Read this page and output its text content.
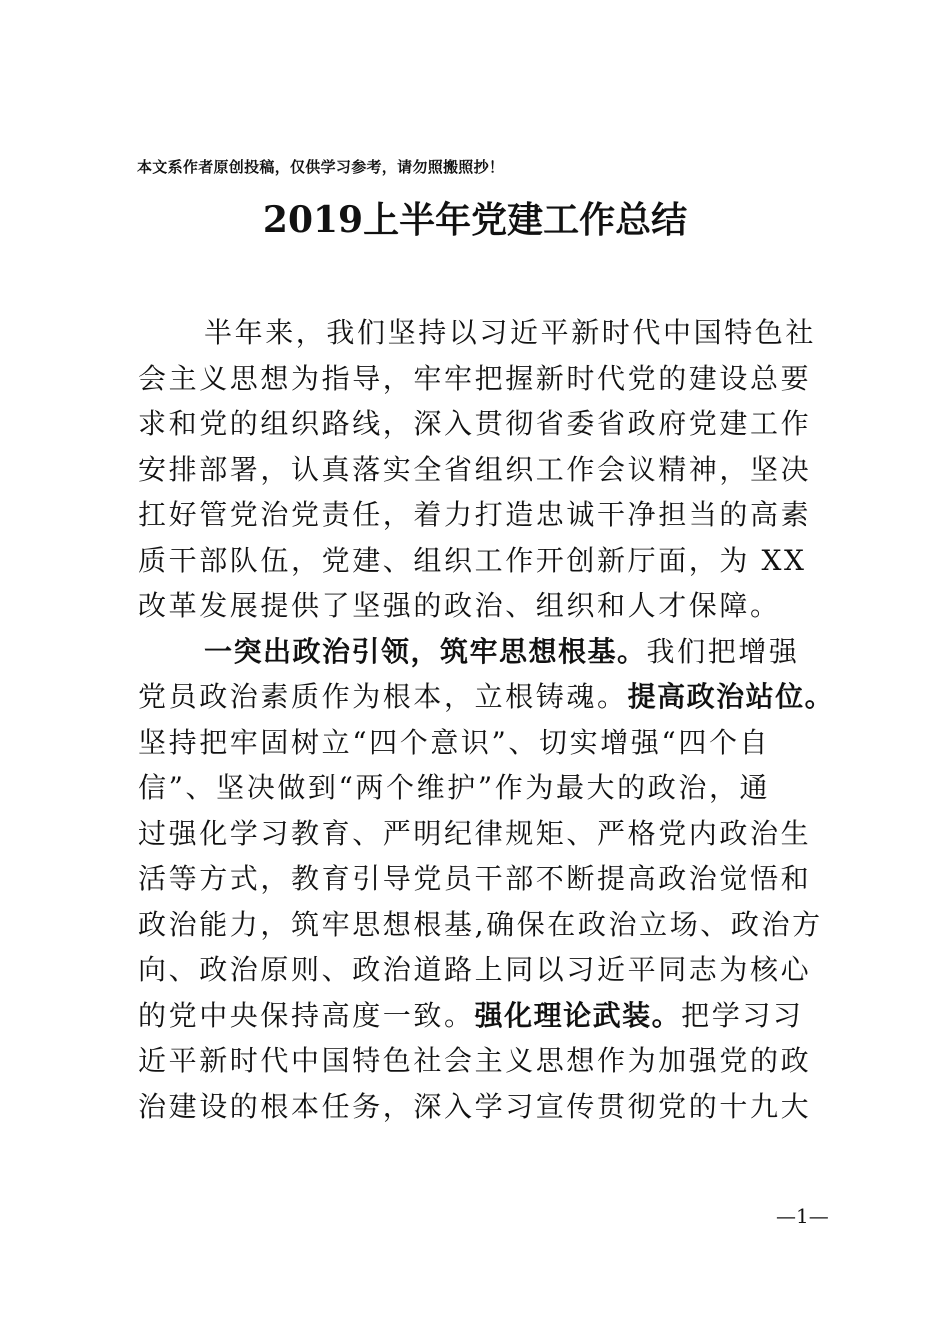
本文系作者原创投稿，仅供学习参考，请勿照搬照抄！
2019上半年党建工作总结
半年来，我们坚持以习近平新时代中国特色社
会主义思想为指导，牢牢把握新时代党的建设总要
求和党的组织路线，深入贯彻省委省政府党建工作
安排部署，认真落实全省组织工作会议精神，坚决
扛好管党治党责任，着力打造忠诚干净担当的高素
质干部队伍，党建、组织工作开创新厅面，为 XX
改革发展提供了坚强的政治、组织和人才保障。
一突出政治引领，筑牢思想根基。我们把增强
党员政治素质作为根本，立根铸魂。提高政治站位。
坚持把牢固树立“四个意识”、切实增强“四个自
信”、坚决做到“两个维护”作为最大的政治，通
过强化学习教育、严明纪律规矩、严格党内政治生
活等方式，教育引导党员干部不断提高政治觉悟和
政治能力，筑牢思想根基,确保在政治立场、政治方
向、政治原则、政治道路上同以习近平同志为核心
的党中央保持高度一致。强化理论武装。把学习习
近平新时代中国特色社会主义思想作为加强党的政
治建设的根本任务，深入学习宣传贯彻党的十九大
—1—
